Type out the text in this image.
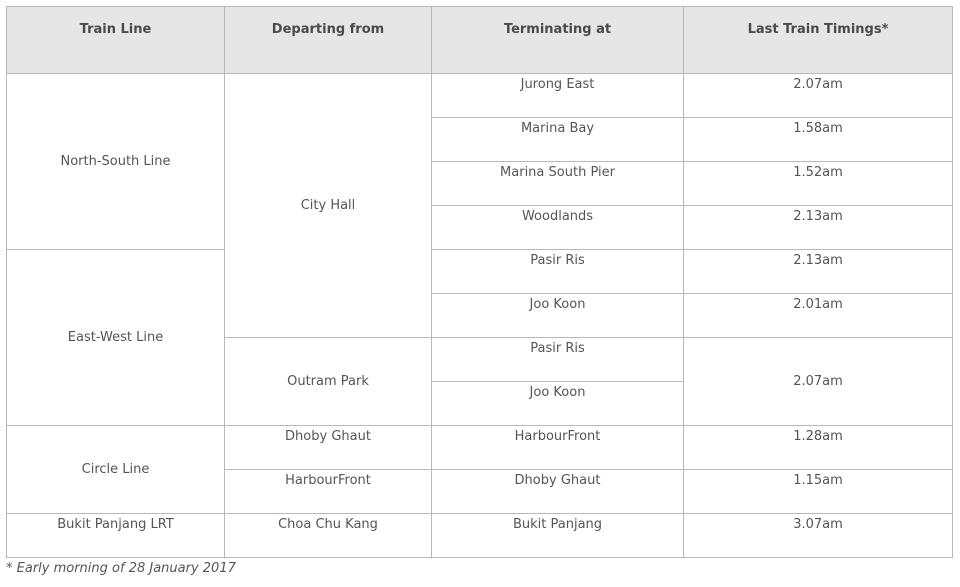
Train Line	Departing from	Terminating at	Last Train Timings*
North-South Line	City Hall	Jurong East	2.07am
		Marina Bay	1.58am
		Marina South Pier	1.52am
		Woodlands	2.13am
East-West Line		Pasir Ris	2.13am
		Joo Koon	2.01am
	Outram Park	Pasir Ris	2.07am
		Joo Koon	
Circle Line	Dhoby Ghaut	HarbourFront	1.28am
	HarbourFront	Dhoby Ghaut	1.15am
Bukit Panjang LRT	Choa Chu Kang	Bukit Panjang	3.07am

* Early morning of 28 January 2017
